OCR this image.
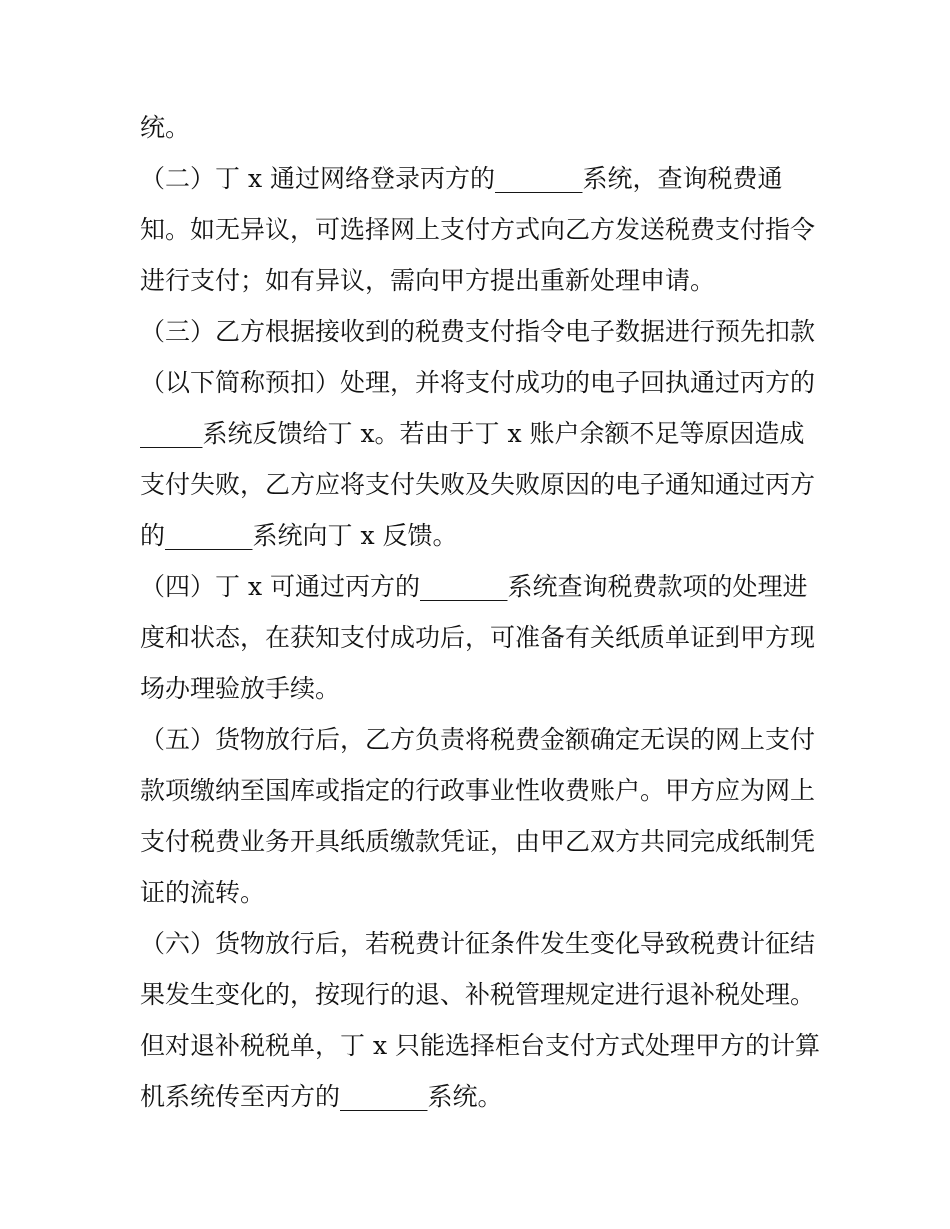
统。
（二）丁 x 通过网络登录丙方的_______系统，查询税费通
知。如无异议，可选择网上支付方式向乙方发送税费支付指令
进行支付；如有异议，需向甲方提出重新处理申请。
（三）乙方根据接收到的税费支付指令电子数据进行预先扣款
（以下简称预扣）处理，并将支付成功的电子回执通过丙方的
_____系统反馈给丁 x。若由于丁 x 账户余额不足等原因造成
支付失败，乙方应将支付失败及失败原因的电子通知通过丙方
的_______系统向丁 x 反馈。
（四）丁 x 可通过丙方的_______系统查询税费款项的处理进
度和状态，在获知支付成功后，可准备有关纸质单证到甲方现
场办理验放手续。
（五）货物放行后，乙方负责将税费金额确定无误的网上支付
款项缴纳至国库或指定的行政事业性收费账户。甲方应为网上
支付税费业务开具纸质缴款凭证，由甲乙双方共同完成纸制凭
证的流转。
（六）货物放行后，若税费计征条件发生变化导致税费计征结
果发生变化的，按现行的退、补税管理规定进行退补税处理。
但对退补税税单，丁 x 只能选择柜台支付方式处理甲方的计算
机系统传至丙方的_______系统。
